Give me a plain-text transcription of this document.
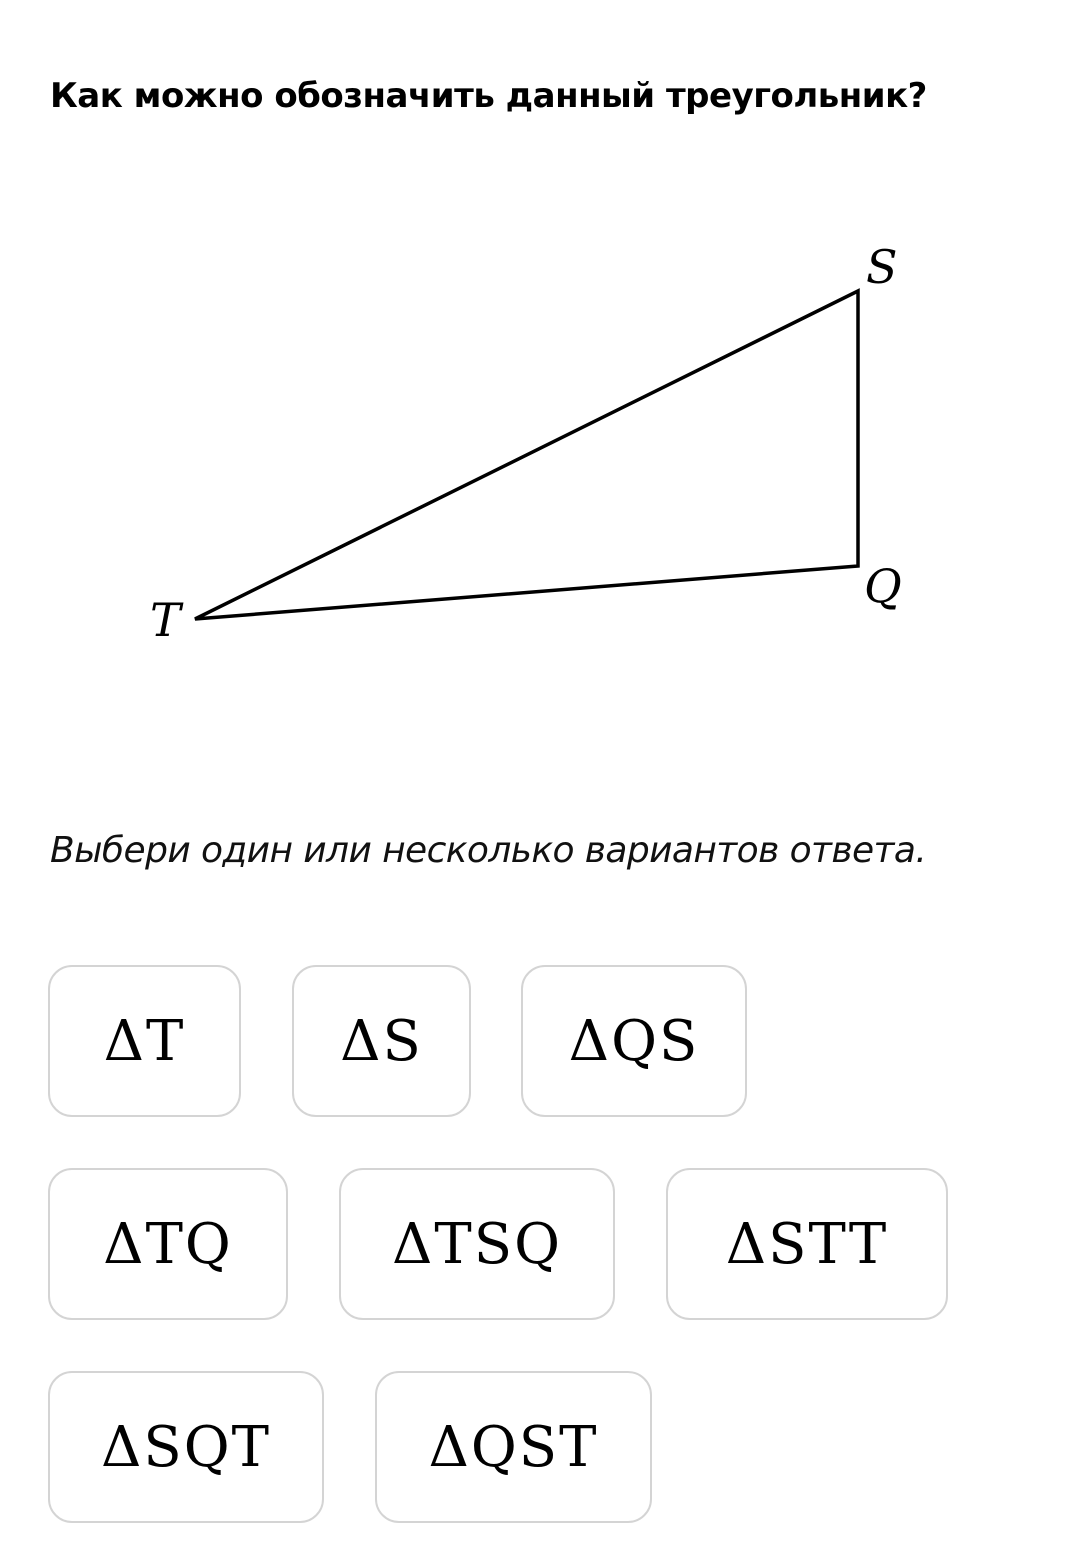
Как можно обозначить данный треугольник?
S
Q
T

Выбери один или несколько вариантов ответа.

ΔT	ΔS	ΔQS
ΔTQ	ΔTSQ	ΔSTT
ΔSQT	ΔQST
